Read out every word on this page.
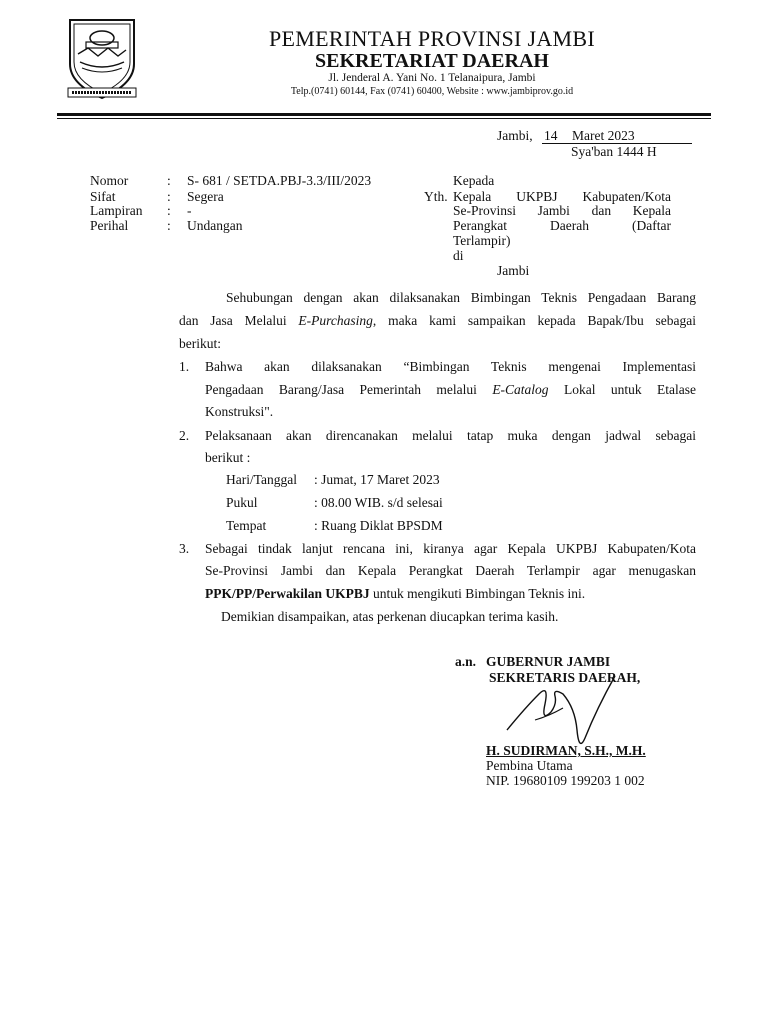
PEMERINTAH PROVINSI JAMBI
SEKRETARIAT DAERAH
Jl. Jenderal A. Yani No. 1 Telanaipura, Jambi
Telp.(0741) 60144, Fax (0741) 60400, Website : www.jambiprov.go.id
Jambi, 14 Maret 2023
Sya'ban 1444 H
Nomor	: S- 681 / SETDA.PBJ-3.3/III/2023
Sifat	: Segera
Lampiran : -
Perihal	: Undangan
Kepada
Yth. Kepala UKPBJ Kabupaten/Kota
Se-Provinsi Jambi dan Kepala
Perangkat Daerah (Daftar
Terlampir)
di
Jambi
Sehubungan dengan akan dilaksanakan Bimbingan Teknis Pengadaan Barang
dan Jasa Melalui E-Purchasing, maka kami sampaikan kepada Bapak/Ibu sebagai
berikut:
1. Bahwa akan dilaksanakan “Bimbingan Teknis mengenai Implementasi
Pengadaan Barang/Jasa Pemerintah melalui E-Catalog Lokal untuk Etalase
Konstruksi".
2. Pelaksanaan akan direncanakan melalui tatap muka dengan jadwal sebagai
berikut :
Hari/Tanggal : Jumat, 17 Maret 2023
Pukul	: 08.00 WIB. s/d selesai
Tempat	: Ruang Diklat BPSDM
3. Sebagai tindak lanjut rencana ini, kiranya agar Kepala UKPBJ Kabupaten/Kota
Se-Provinsi Jambi dan Kepala Perangkat Daerah Terlampir agar menugaskan
PPK/PP/Perwakilan UKPBJ untuk mengikuti Bimbingan Teknis ini.
Demikian disampaikan, atas perkenan diucapkan terima kasih.
a.n. GUBERNUR JAMBI
SEKRETARIS DAERAH,
H. SUDIRMAN, S.H., M.H.
Pembina Utama
NIP. 19680109 199203 1 002
